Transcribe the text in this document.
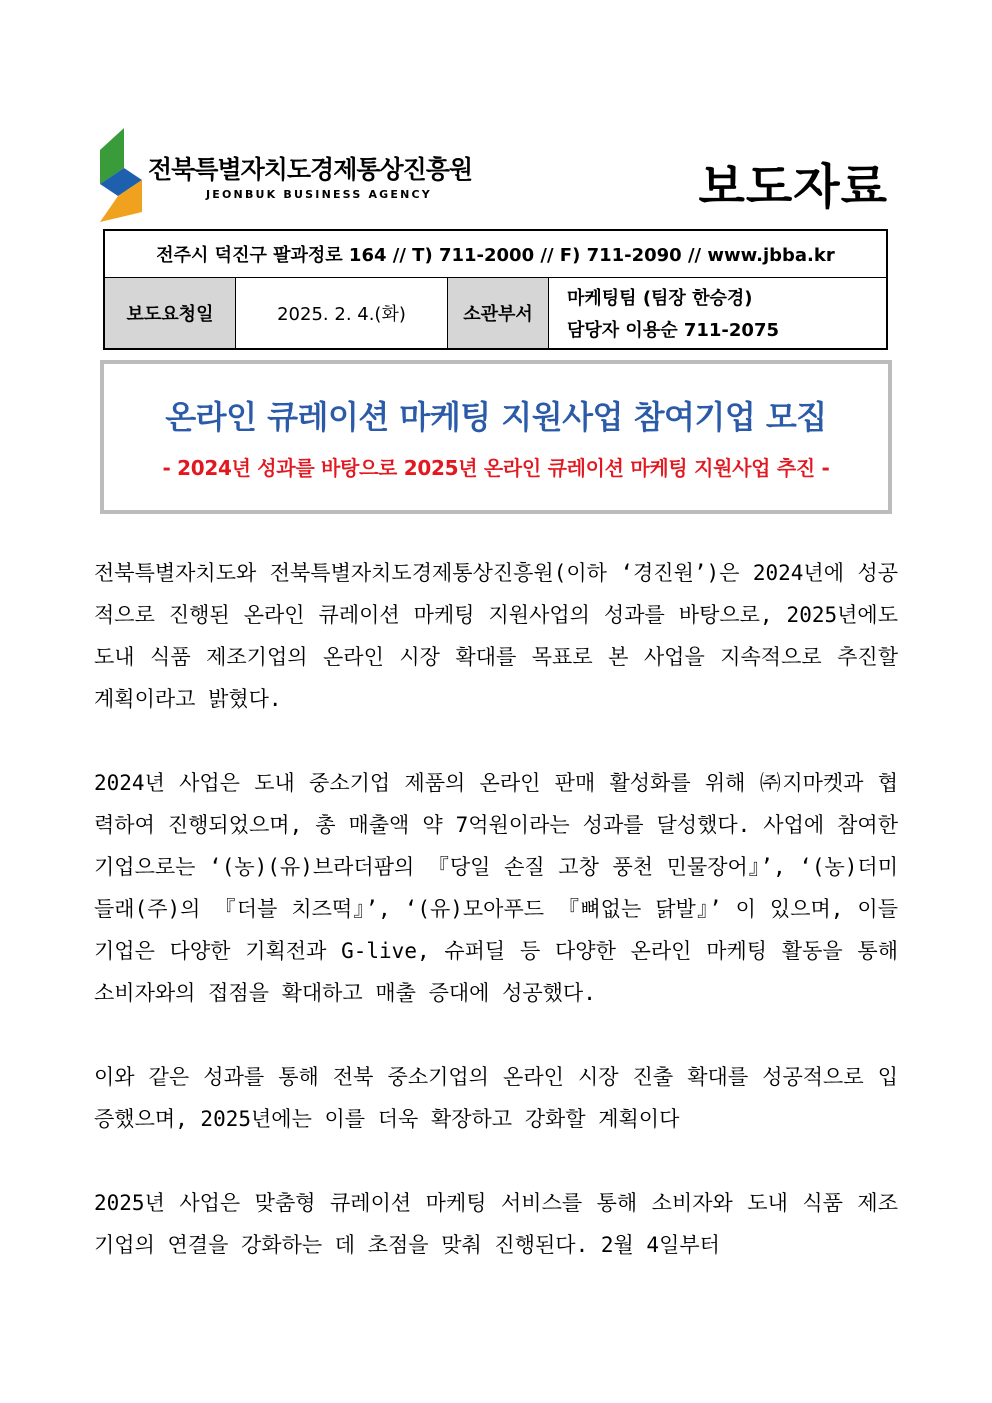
전북특별자치도경제통상진흥원
JEONBUK BUSINESS AGENCY	보도자료
전주시 덕진구 팔과정로 164 // T) 711-2000 // F) 711-2090 // www.jbba.kr
보도요청일	2025. 2. 4.(화)	소관부서
마케팅팀 (팀장 한승경)
담당자 이용순 711-2075
온라인 큐레이션 마케팅 지원사업 참여기업 모집
- 2024년 성과를 바탕으로 2025년 온라인 큐레이션 마케팅 지원사업 추진 -

전북특별자치도와 전북특별자치도경제통상진흥원(이하 ‘경진원’)은 2024년에 성공적으로 진행된 온라인 큐레이션 마케팅 지원사업의 성과를 바탕으로, 2025년에도 도내 식품 제조기업의 온라인 시장 확대를 목표로 본 사업을 지속적으로 추진할 계획이라고 밝혔다.

2024년 사업은 도내 중소기업 제품의 온라인 판매 활성화를 위해 ㈜지마켓과 협력하여 진행되었으며, 총 매출액 약 7억원이라는 성과를 달성했다. 사업에 참여한 기업으로는 ‘(농)(유)브라더팜의 『당일 손질 고창 풍천 민물장어』’, ‘(농)더미들래(주)의 『더블 치즈떡』’, ‘(유)모아푸드 『뼈없는 닭발』’ 이 있으며, 이들 기업은 다양한 기획전과 G-live, 슈퍼딜 등 다양한 온라인 마케팅 활동을 통해 소비자와의 접점을 확대하고 매출 증대에 성공했다.

이와 같은 성과를 통해 전북 중소기업의 온라인 시장 진출 확대를 성공적으로 입증했으며, 2025년에는 이를 더욱 확장하고 강화할 계획이다

2025년 사업은 맞춤형 큐레이션 마케팅 서비스를 통해 소비자와 도내 식품 제조기업의 연결을 강화하는 데 초점을 맞춰 진행된다. 2월 4일부터
